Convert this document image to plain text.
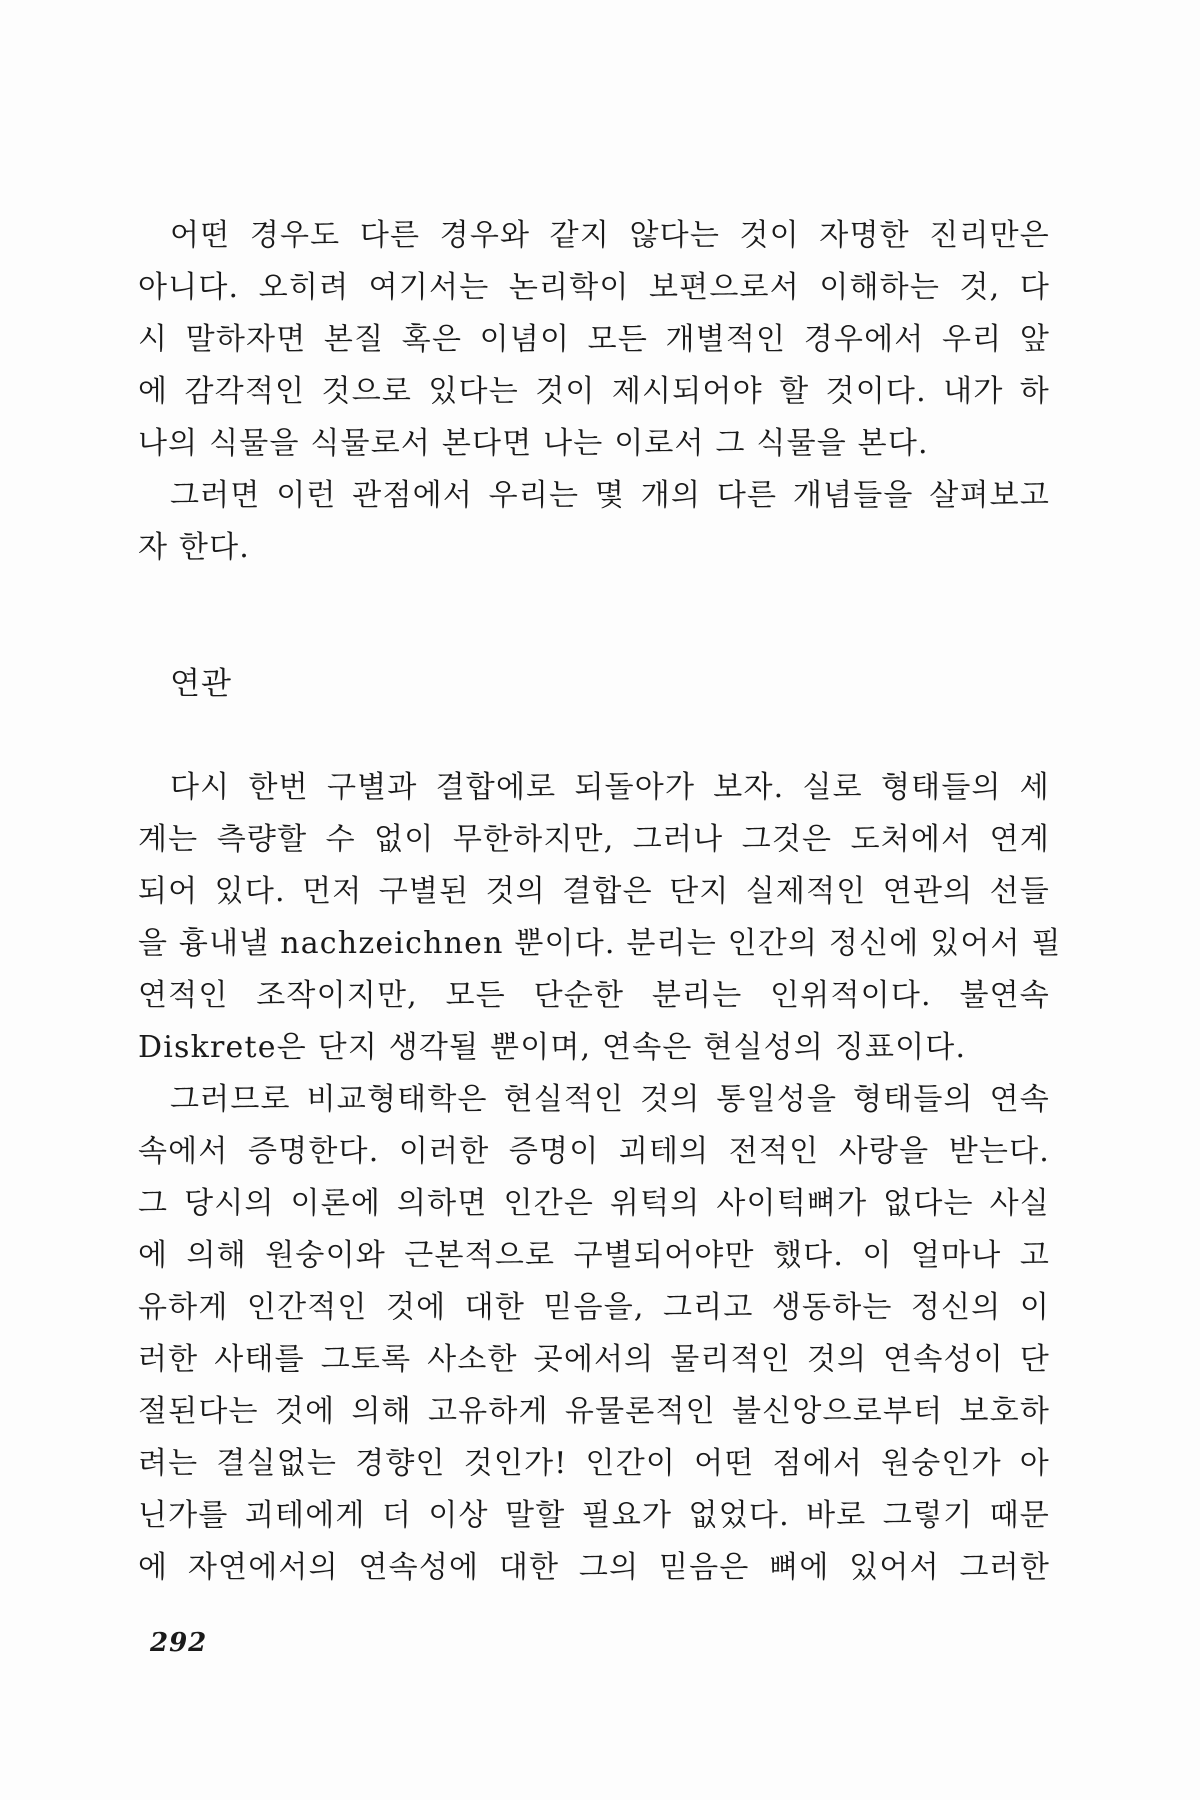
어떤 경우도 다른 경우와 같지 않다는 것이 자명한 진리만은
아니다. 오히려 여기서는 논리학이 보편으로서 이해하는 것, 다
시 말하자면 본질 혹은 이념이 모든 개별적인 경우에서 우리 앞
에 감각적인 것으로 있다는 것이 제시되어야 할 것이다. 내가 하
나의 식물을 식물로서 본다면 나는 이로서 그 식물을 본다.
그러면 이런 관점에서 우리는 몇 개의 다른 개념들을 살펴보고
자 한다.
연관
다시 한번 구별과 결합에로 되돌아가 보자. 실로 형태들의 세
계는 측량할 수 없이 무한하지만, 그러나 그것은 도처에서 연계
되어 있다. 먼저 구별된 것의 결합은 단지 실제적인 연관의 선들
을 흉내낼 nachzeichnen 뿐이다. 분리는 인간의 정신에 있어서 필
연적인 조작이지만, 모든 단순한 분리는 인위적이다. 불연속
Diskrete은 단지 생각될 뿐이며, 연속은 현실성의 징표이다.
그러므로 비교형태학은 현실적인 것의 통일성을 형태들의 연속
속에서 증명한다. 이러한 증명이 괴테의 전적인 사랑을 받는다.
그 당시의 이론에 의하면 인간은 위턱의 사이턱뼈가 없다는 사실
에 의해 원숭이와 근본적으로 구별되어야만 했다. 이 얼마나 고
유하게 인간적인 것에 대한 믿음을, 그리고 생동하는 정신의 이
러한 사태를 그토록 사소한 곳에서의 물리적인 것의 연속성이 단
절된다는 것에 의해 고유하게 유물론적인 불신앙으로부터 보호하
려는 결실없는 경향인 것인가! 인간이 어떤 점에서 원숭인가 아
닌가를 괴테에게 더 이상 말할 필요가 없었다. 바로 그렇기 때문
에 자연에서의 연속성에 대한 그의 믿음은 뼈에 있어서 그러한
292
